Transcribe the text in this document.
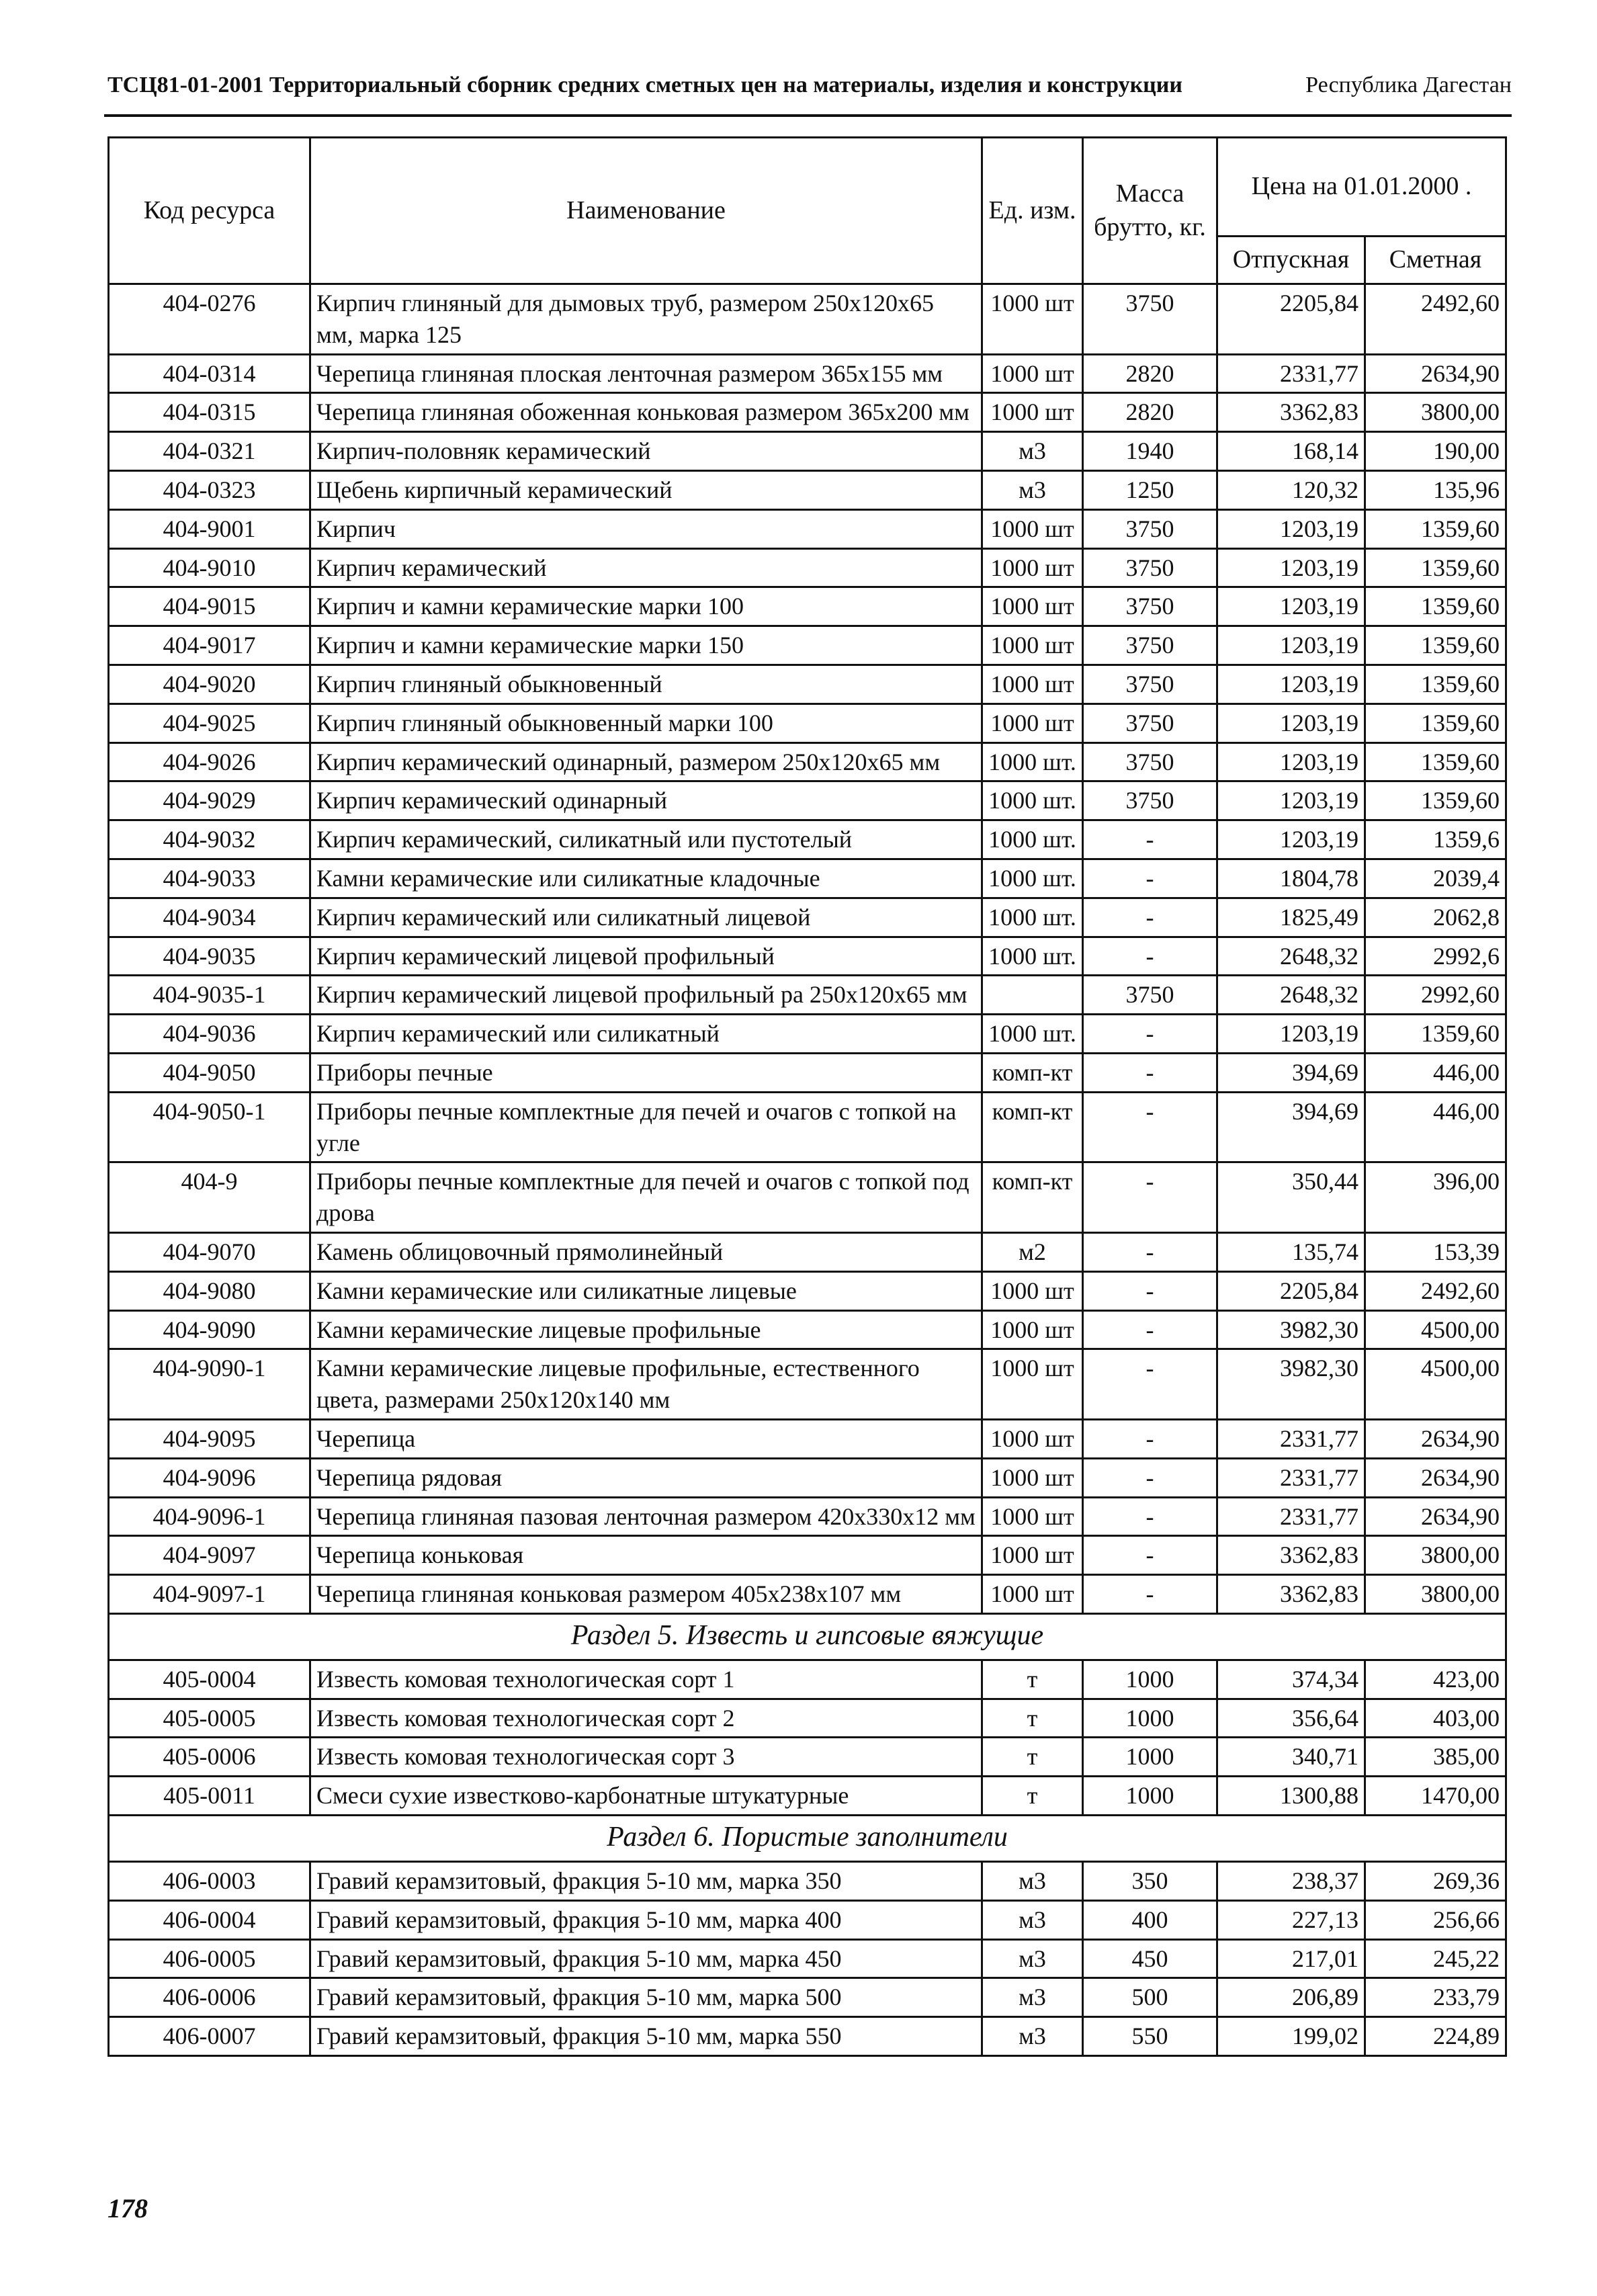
ТСЦ81-01-2001 Территориальный сборник средних сметных цен на материалы, изделия и конструкции	Республика Дагестан
Код ресурса	Наименование	Ед. изм.	Масса брутто, кг.	Цена на 01.01.2000 .	
				Отпускная	Сметная
404-0276	Кирпич глиняный для дымовых труб, размером 250x120x65 мм, марка 125	1000 шт	3750	2205,84	2492,60
404-0314	Черепица глиняная плоская ленточная размером 365x155 мм	1000 шт	2820	2331,77	2634,90
404-0315	Черепица глиняная обоженная коньковая размером 365x200 мм	1000 шт	2820	3362,83	3800,00
404-0321	Кирпич-половняк керамический	м3	1940	168,14	190,00
404-0323	Щебень кирпичный керамический	м3	1250	120,32	135,96
404-9001	Кирпич	1000 шт	3750	1203,19	1359,60
404-9010	Кирпич керамический	1000 шт	3750	1203,19	1359,60
404-9015	Кирпич и камни керамические марки 100	1000 шт	3750	1203,19	1359,60
404-9017	Кирпич и камни керамические марки 150	1000 шт	3750	1203,19	1359,60
404-9020	Кирпич глиняный обыкновенный	1000 шт	3750	1203,19	1359,60
404-9025	Кирпич глиняный обыкновенный марки 100	1000 шт	3750	1203,19	1359,60
404-9026	Кирпич керамический одинарный, размером 250x120x65 мм	1000 шт.	3750	1203,19	1359,60
404-9029	Кирпич керамический одинарный	1000 шт.	3750	1203,19	1359,60
404-9032	Кирпич керамический, силикатный или пустотелый	1000 шт.	-	1203,19	1359,6
404-9033	Камни керамические или силикатные кладочные	1000 шт.	-	1804,78	2039,4
404-9034	Кирпич керамический или силикатный лицевой	1000 шт.	-	1825,49	2062,8
404-9035	Кирпич керамический лицевой профильный	1000 шт.	-	2648,32	2992,6
404-9035-1	Кирпич керамический лицевой профильный ра 250x120x65 мм		3750	2648,32	2992,60
404-9036	Кирпич керамический или силикатный	1000 шт.	-	1203,19	1359,60
404-9050	Приборы печные	комп-кт	-	394,69	446,00
404-9050-1	Приборы печные комплектные для печей и очагов с топкой на угле	комп-кт	-	394,69	446,00
404-9	Приборы печные комплектные для печей и очагов с топкой под дрова	комп-кт	-	350,44	396,00
404-9070	Камень облицовочный прямолинейный	м2	-	135,74	153,39
404-9080	Камни керамические или силикатные лицевые	1000 шт	-	2205,84	2492,60
404-9090	Камни керамические лицевые профильные	1000 шт	-	3982,30	4500,00
404-9090-1	Камни керамические лицевые профильные, естественного цвета, размерами 250x120x140 мм	1000 шт	-	3982,30	4500,00
404-9095	Черепица	1000 шт	-	2331,77	2634,90
404-9096	Черепица рядовая	1000 шт	-	2331,77	2634,90
404-9096-1	Черепица глиняная пазовая ленточная размером 420x330x12 мм	1000 шт	-	2331,77	2634,90
404-9097	Черепица коньковая	1000 шт	-	3362,83	3800,00
404-9097-1	Черепица глиняная коньковая размером 405x238x107 мм	1000 шт	-	3362,83	3800,00
Раздел 5. Известь и гипсовые вяжущие					
405-0004	Известь комовая технологическая сорт 1	т	1000	374,34	423,00
405-0005	Известь комовая технологическая сорт 2	т	1000	356,64	403,00
405-0006	Известь комовая технологическая сорт 3	т	1000	340,71	385,00
405-0011	Смеси сухие известково-карбонатные штукатурные	т	1000	1300,88	1470,00
Раздел 6. Пористые заполнители					
406-0003	Гравий керамзитовый, фракция 5-10 мм, марка 350	м3	350	238,37	269,36
406-0004	Гравий керамзитовый, фракция 5-10 мм, марка 400	м3	400	227,13	256,66
406-0005	Гравий керамзитовый, фракция 5-10 мм, марка 450	м3	450	217,01	245,22
406-0006	Гравий керамзитовый, фракция 5-10 мм, марка 500	м3	500	206,89	233,79
406-0007	Гравий керамзитовый, фракция 5-10 мм, марка 550	м3	550	199,02	224,89
178
